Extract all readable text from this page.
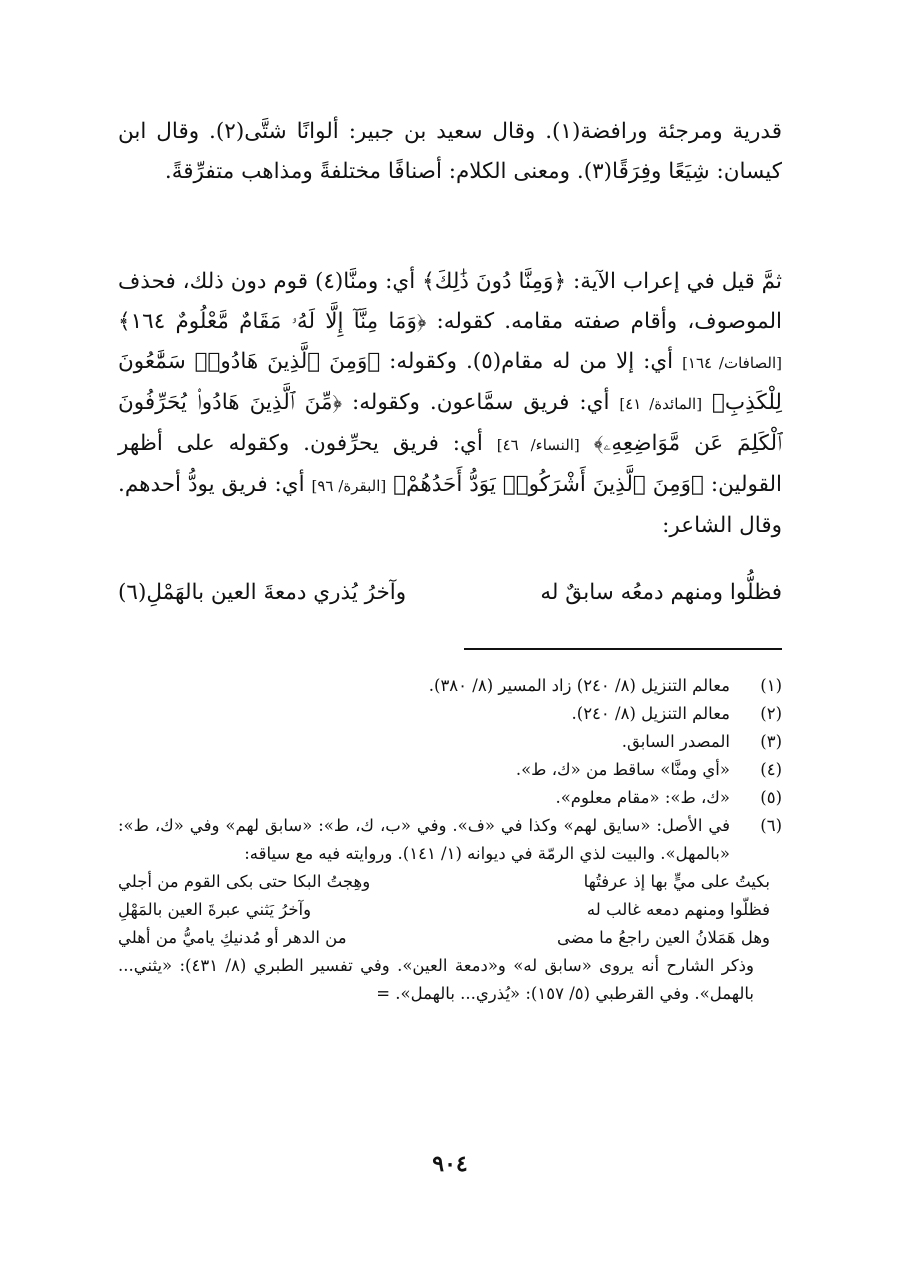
قدرية ومرجئة ورافضة(١). وقال سعيد بن جبير: ألوانًا شتَّى(٢). وقال ابن كيسان: شِيَعًا وفِرَقًا(٣). ومعنى الكلام: أصنافًا مختلفةً ومذاهب متفرِّقةً.

ثمَّ قيل في إعراب الآية: ﴿وَمِنَّا دُونَ ذَٰلِكَ﴾ أي: ومنَّا(٤) قوم دون ذلك، فحذف الموصوف، وأقام صفته مقامه. كقوله: ﴿وَمَا مِنَّآ إِلَّا لَهُۥ مَقَامٌ مَّعْلُومٌ ١٦٤﴾ [الصافات/ ١٦٤] أي: إلا من له مقام(٥). وكقوله: ﴿وَمِنَ ٱلَّذِينَ هَادُوا۟ سَمَّٰعُونَ لِلْكَذِبِ﴾ [المائدة/ ٤١] أي: فريق سمَّاعون. وكقوله: ﴿مِّنَ ٱلَّذِينَ هَادُوا۟ يُحَرِّفُونَ ٱلْكَلِمَ عَن مَّوَاضِعِهِۦ﴾ [النساء/ ٤٦] أي: فريق يحرِّفون. وكقوله على أظهر القولين: ﴿وَمِنَ ٱلَّذِينَ أَشْرَكُوا۟ يَوَدُّ أَحَدُهُمْ﴾ [البقرة/ ٩٦] أي: فريق يودُّ أحدهم. وقال الشاعر:

فظلُّوا ومنهم دمعُه سابقٌ له
وآخرُ يُذري دمعةَ العين بالهَمْلِ(٦)
(١)
معالم التنزيل (٨/ ٢٤٠) زاد المسير (٨/ ٣٨٠).
(٢)
معالم التنزيل (٨/ ٢٤٠).
(٣)
المصدر السابق.
(٤)
«أي ومنَّا» ساقط من «ك، ط».
(٥)
«ك، ط»: «مقام معلوم».
(٦)
في الأصل: «سايق لهم» وكذا في «ف». وفي «ب، ك، ط»: «سابق لهم» وفي «ك، ط»: «بالمهل». والبيت لذي الرمّة في ديوانه (١/ ١٤١). وروايته فيه مع سياقه:
بكيتُ على ميٍّ بها إذ عرفتُها
وهِجتُ البكا حتى بكى القوم من أجلي
فظلّوا ومنهم دمعه غالب له
وآخرُ يَثني عبرةَ العين بالمَهْلِ
وهل هَمَلانُ العين راجعُ ما مضى
من الدهر أو مُدنيكِ ياميُّ من أهلي
وذكر الشارح أنه يروى «سابق له» و«دمعة العين». وفي تفسير الطبري (٨/ ٤٣١): «يثني... بالهمل». وفي القرطبي (٥/ ١٥٧): «يُذري... بالهمل». =
٩٠٤
